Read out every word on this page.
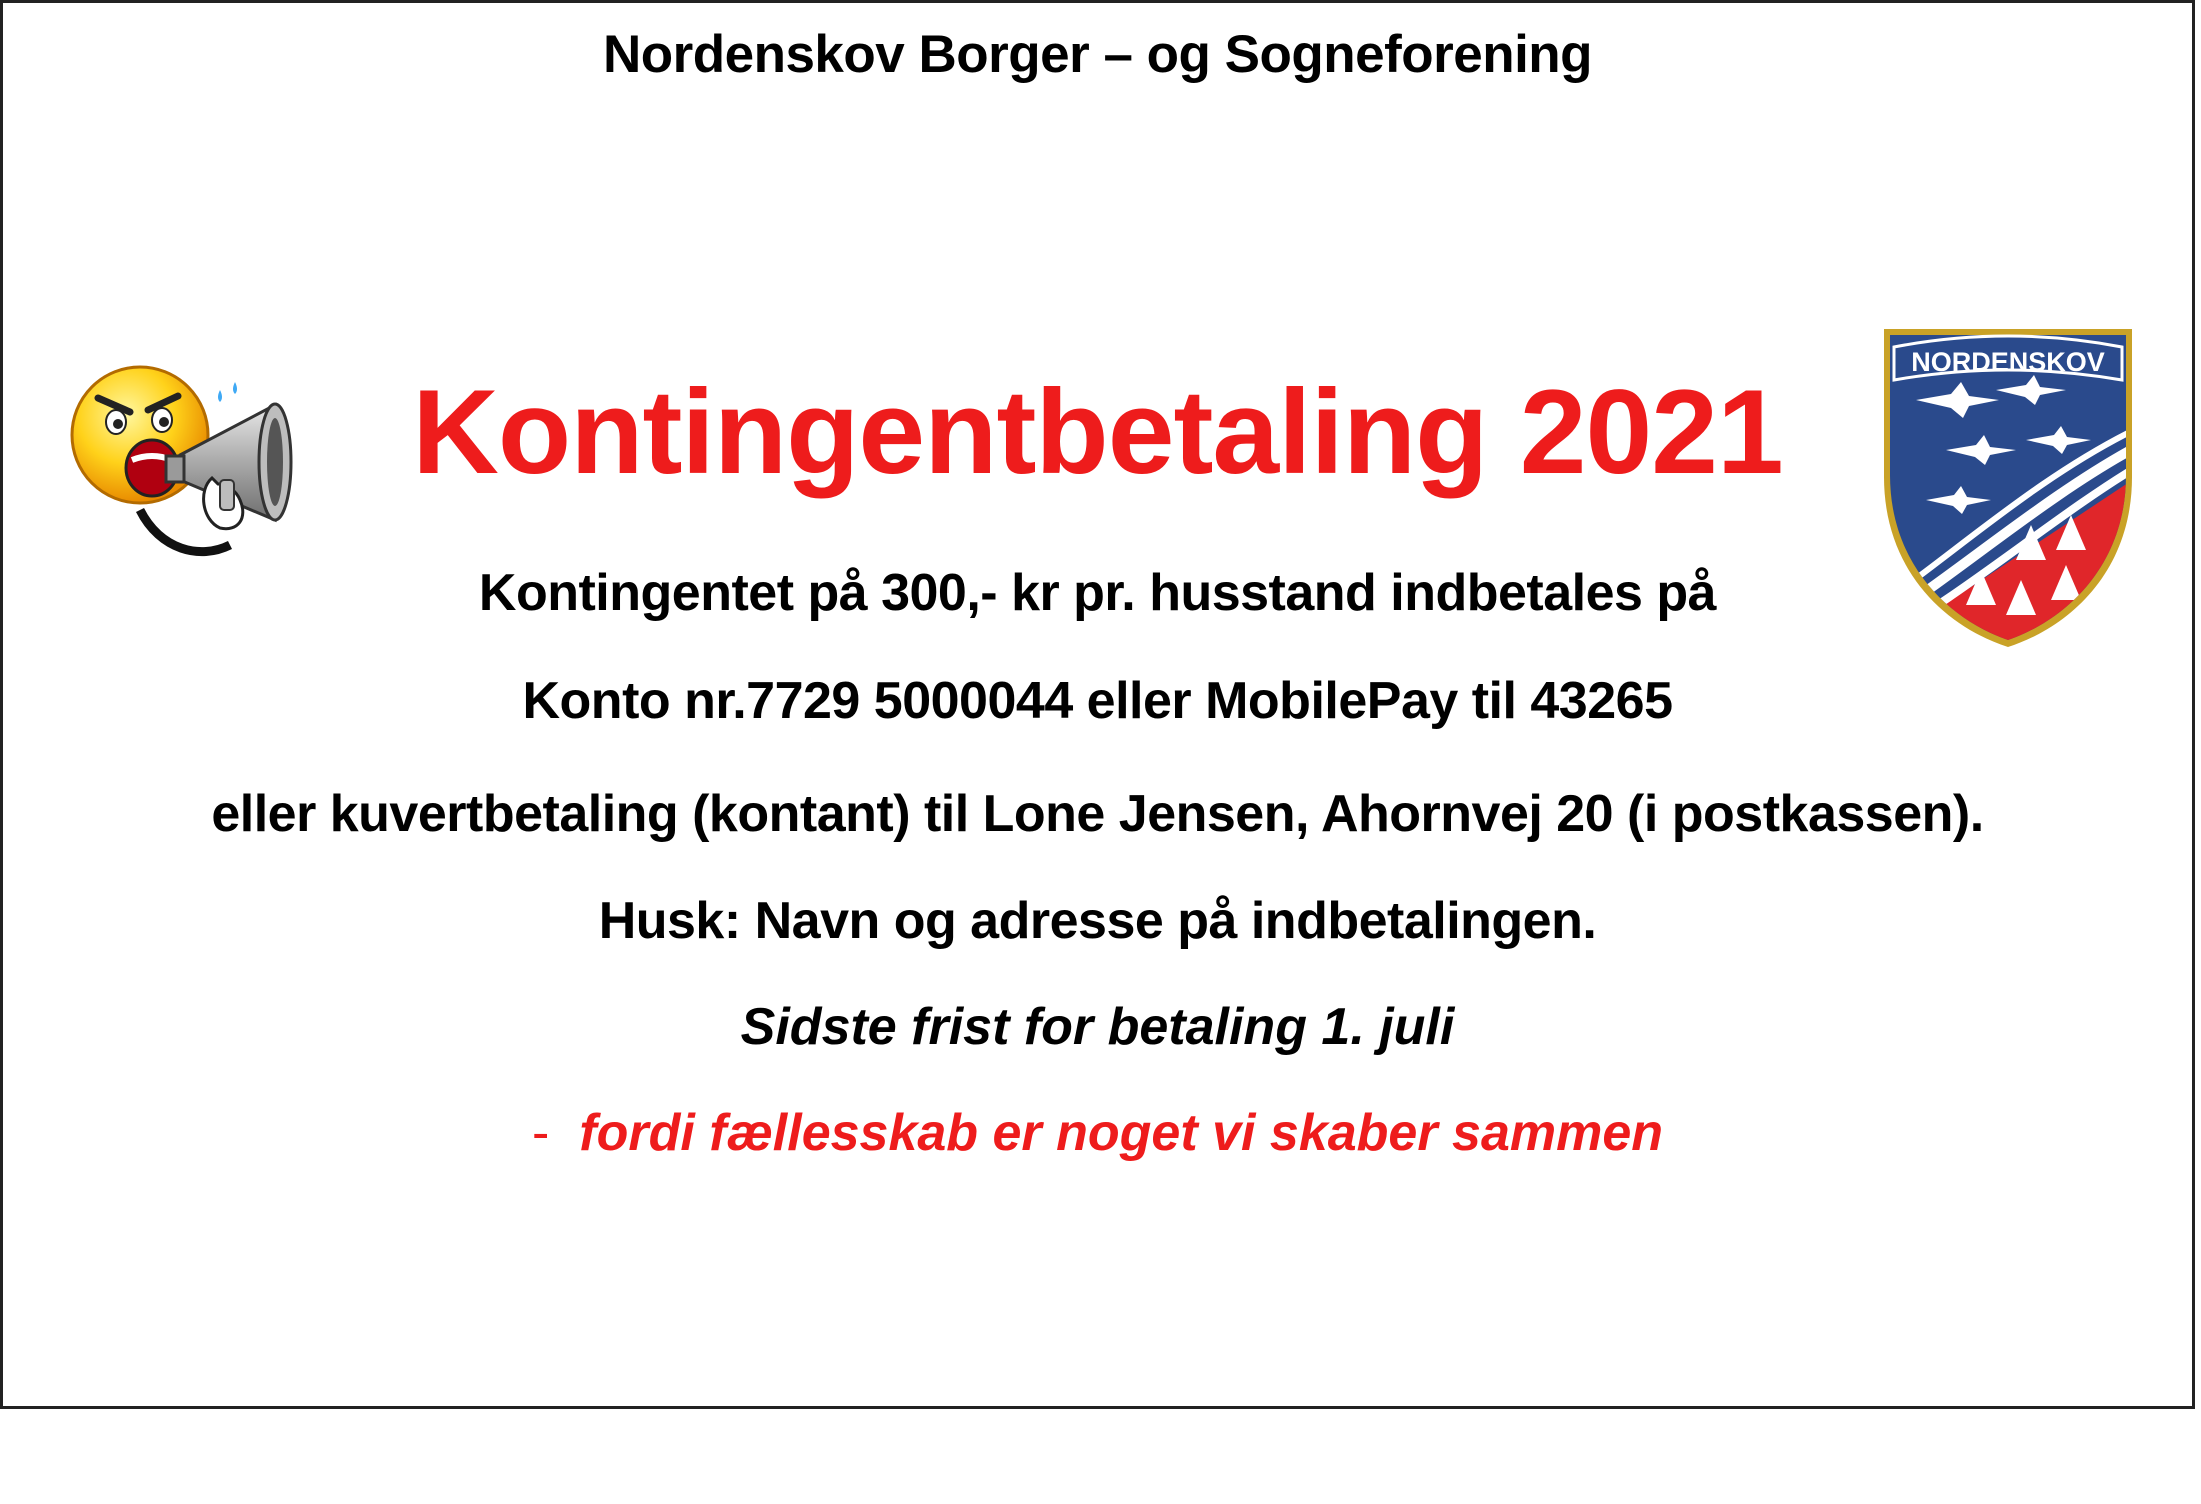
Nordenskov Borger – og Sogneforening
Kontingentbetaling 2021
NORDENSKOV
Kontingentet på 300,- kr pr. husstand indbetales på
Konto nr.7729 5000044 eller MobilePay til 43265
eller kuvertbetaling (kontant) til Lone Jensen, Ahornvej 20 (i postkassen).
Husk: Navn og adresse på indbetalingen.
Sidste frist for betaling 1. juli
- fordi fællesskab er noget vi skaber sammen
